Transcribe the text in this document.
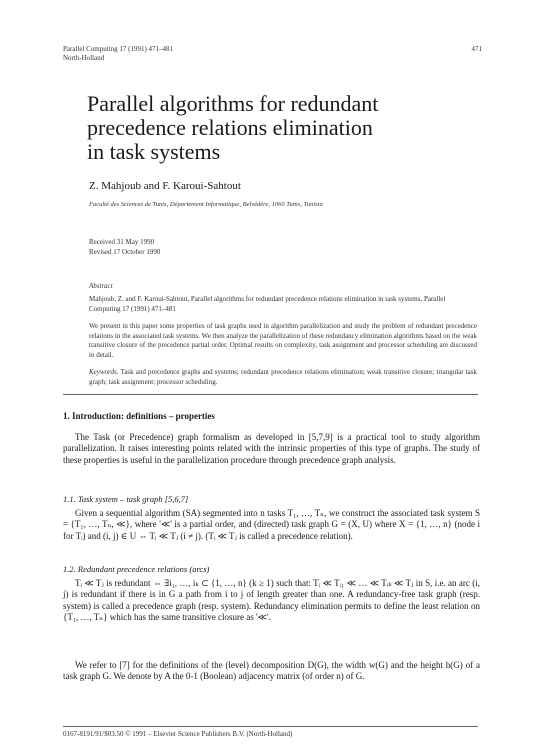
Parallel Computing 17 (1991) 471–481
North-Holland
471
Parallel algorithms for redundant
precedence relations elimination
in task systems
Z. Mahjoub and F. Karoui-Sahtout
Faculté des Sciences de Tunis, Département Informatique, Belvédère, 1060 Tunis, Tunisia
Received 31 May 1990
Revised 17 October 1990
Abstract
Mahjoub, Z. and F. Karoui-Sahtout, Parallel algorithms for redundant precedence relations elimination in task systems, Parallel Computing 17 (1991) 471–481
We present in this paper some properties of task graphs used in algorithm parallelization and study the problem of redundant precedence relations in the associated task systems. We then analyze the parallelization of these redundancy elimination algorithms based on the weak transitive closure of the precedence partial order. Optimal results on complexity, task assignment and processor scheduling are discussed in detail.
Keywords. Task and precedence graphs and systems; redundant precedence relations elimination; weak transitive closure; triangular task graph; task assignment; processor scheduling.
1. Introduction: definitions – properties
The Task (or Precedence) graph formalism as developed in [5,7,9] is a practical tool to study algorithm parallelization. It raises interesting points related with the intrinsic properties of this type of graphs. The study of these properties is useful in the parallelization procedure through precedence graph analysis.
1.1. Task system – task graph [5,6,7]
Given a sequential algorithm (SA) segmented into n tasks T₁, …, Tₙ, we construct the associated task system S = {T₁, …, Tₙ, ≪}, where '≪' is a partial order, and (directed) task graph G = (X, U) where X = {1, …, n} (node i for Tᵢ) and (i, j) ∈ U ⇔ Tᵢ ≪ Tⱼ (i ≠ j). (Tᵢ ≪ Tⱼ is called a precedence relation).
1.2. Redundant precedence relations (arcs)
Tᵢ ≪ Tⱼ is redundant ⇔ ∃i₁, …, iₖ ⊂ {1, …, n} (k ≥ 1) such that: Tᵢ ≪ Tᵢ₁ ≪ … ≪ Tᵢₖ ≪ Tⱼ in S, i.e. an arc (i, j) is redundant if there is in G a path from i to j of length greater than one. A redundancy-free task graph (resp. system) is called a precedence graph (resp. system). Redundancy elimination permits to define the least relation on {T₁, …, Tₙ} which has the same transitive closure as '≪'.
We refer to [7] for the definitions of the (level) decomposition D(G), the width w(G) and the height h(G) of a task graph G. We denote by A the 0-1 (Boolean) adjacency matrix (of order n) of G.
0167-8191/91/$03.50 © 1991 – Elsevier Science Publishers B.V. (North-Holland)
